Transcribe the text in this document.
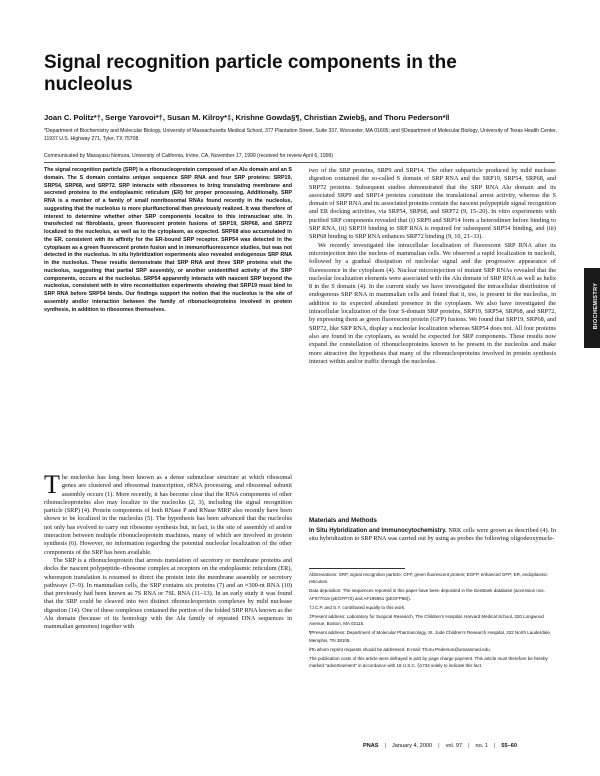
Signal recognition particle components in the nucleolus
Joan C. Politz*†, Serge Yarovoi*†, Susan M. Kilroy*‡, Krishne Gowda§¶, Christian Zwieb§, and Thoru Pederson*‖
*Department of Biochemistry and Molecular Biology, University of Massachusetts Medical School, 377 Plantation Street, Suite 337, Worcester, MA 01605; and §Department of Molecular Biology, University of Texas Health Center, 11937 U.S. Highway 271, Tyler, TX 75708
Communicated by Masayasu Nomura, University of California, Irvine, CA, November 17, 1999 (received for review April 6, 1999)
The signal recognition particle (SRP) is a ribonucleoprotein composed of an Alu domain and an S domain. The S domain contains unique sequence SRP RNA and four SRP proteins: SRP19, SRP54, SRP68, and SRP72. SRP interacts with ribosomes to bring translating membrane and secreted proteins to the endoplasmic reticulum (ER) for proper processing. Additionally, SRP RNA is a member of a family of small nonribosomal RNAs found recently in the nucleolus, suggesting that the nucleolus is more plurifunctional than previously realized. It was therefore of interest to determine whether other SRP components localize to this intranuclear site. In transfected rat fibroblasts, green fluorescent protein fusions of SRP19, SRP68, and SRP72 localized to the nucleolus, as well as to the cytoplasm, as expected. SRP68 also accumulated in the ER, consistent with its affinity for the ER-bound SRP receptor. SRP54 was detected in the cytoplasm as a green fluorescent protein fusion and in immunofluorescence studies, but was not detected in the nucleolus. In situ hybridization experiments also revealed endogenous SRP RNA in the nucleolus. These results demonstrate that SRP RNA and three SRP proteins visit the nucleolus, suggesting that partial SRP assembly, or another unidentified activity of the SRP components, occurs at the nucleolus. SRP54 apparently interacts with nascent SRP beyond the nucleolus, consistent with in vitro reconstitution experiments showing that SRP19 must bind to SRP RNA before SRP54 binds. Our findings support the notion that the nucleolus is the site of assembly and/or interaction between the family of ribonucleoproteins involved in protein synthesis, in addition to ribosomes themselves.

The nucleolus has long been known as a dense subnuclear structure at which ribosomal genes are clustered and ribosomal transcription, rRNA processing, and ribosomal subunit assembly occurs (1). More recently, it has become clear that the RNA components of other ribonucleoproteins also may localize to the nucleolus (2, 3), including the signal recognition particle (SRP) (4). Protein components of both RNase P and RNase MRP also recently have been shown to be localized in the nucleolus (5). The hypothesis has been advanced that the nucleolus not only has evolved to carry out ribosome synthesis but, in fact, is the site of assembly of and/or interaction between multiple ribonucleoprotein machines, many of which are involved in protein synthesis (6). However, no information regarding the potential nucleolar localization of the other components of the SRP has been available.

The SRP is a ribonucleoprotein that arrests translation of secretory or membrane proteins and docks the nascent polypeptide–ribosome complex at receptors on the endoplasmic reticulum (ER), whereupon translation is resumed to direct the protein into the membrane assembly or secretory pathways (7–9). In mammalian cells, the SRP contains six proteins (7) and an ≈300-nt RNA (10) that previously had been known as 7S RNA or 7SL RNA (11–13). In an early study it was found that the SRP could be cleaved into two distinct ribonucleoprotein complexes by mild nuclease digestion (14). One of these complexes contained the portion of the folded SRP RNA known as the Alu domain (because of its homology with the Alu family of repeated DNA sequences in mammalian genomes) together with

two of the SRP proteins, SRP9 and SRP14. The other subparticle produced by mild nuclease digestion contained the so-called S domain of SRP RNA and the SRP19, SRP54, SRP68, and SRP72 proteins. Subsequent studies demonstrated that the SRP RNA Alu domain and its associated SRP9 and SRP14 proteins constitute the translational arrest activity, whereas the S domain of SRP RNA and its associated proteins contain the nascent polypeptide signal recognition and ER docking activities, via SRP54, SRP68, and SRP72 (9, 15–20). In vitro experiments with purified SRP components revealed that (i) SRP9 and SRP14 form a heterodimer before binding to SRP RNA, (ii) SRP19 binding to SRP RNA is required for subsequent SRP54 binding, and (iii) SRP68 binding to SRP RNA enhances SRP72 binding (9, 10, 21–33).

We recently investigated the intracellular localization of fluorescent SRP RNA after its microinjection into the nucleus of mammalian cells. We observed a rapid localization in nucleoli, followed by a gradual dissipation of nucleolar signal and the progressive appearance of fluorescence in the cytoplasm (4). Nuclear microinjection of mutant SRP RNAs revealed that the nucleolar localization elements were associated with the Alu domain of SRP RNA as well as helix 8 in the S domain (4). In the current study we have investigated the intracellular distribution of endogenous SRP RNA in mammalian cells and found that it, too, is present in the nucleolus, in addition to its expected abundant presence in the cytoplasm. We also have investigated the intracellular localization of the four S-domain SRP proteins, SRP19, SRP54, SRP68, and SRP72, by expressing them as green fluorescent protein (GFP) fusions. We found that SRP19, SRP68, and SRP72, like SRP RNA, display a nucleolar localization whereas SRP54 does not. All four proteins also are found in the cytoplasm, as would be expected for SRP components. These results now expand the constellation of ribonucleoproteins known to be present in the nucleolus and make more attractive the hypothesis that many of the ribonucleoproteins involved in protein synthesis interact within and/or traffic through the nucleolus.

Materials and Methods

In Situ Hybridization and Immunocytochemistry. NRK cells were grown as described (4). In situ hybridization to SRP RNA was carried out by using as probes the following oligodeoxynucle-

Abbreviations: SRP, signal recognition particle; GFP, green fluorescent protein; EGFP, enhanced GFP; ER, endoplasmic reticulum.

Data deposition: The sequences reported in this paper have been deposited in the GenBank database (accession nos. AF077019 (pEGFP72) and AF195951 (pEGFP68)).

†J.C.P. and S.Y. contributed equally to this work.

‡Present address: Laboratory for Surgical Research, The Children's Hospital, Harvard Medical School, 320 Longwood Avenue, Boston, MA 02115.

¶Present address: Department of Molecular Pharmacology, St. Jude Children's Research Hospital, 332 North Lauderdale, Memphis, TN 38105.

‖To whom reprint requests should be addressed. E-mail: Thoru.Pederson@umassmed.edu.

The publication costs of this article were defrayed in part by page charge payment. This article must therefore be hereby marked "advertisement" in accordance with 18 U.S.C. §1734 solely to indicate this fact.

BIOCHEMISTRY
PNAS | January 4, 2000 | vol. 97 | no. 1 | 55–60
